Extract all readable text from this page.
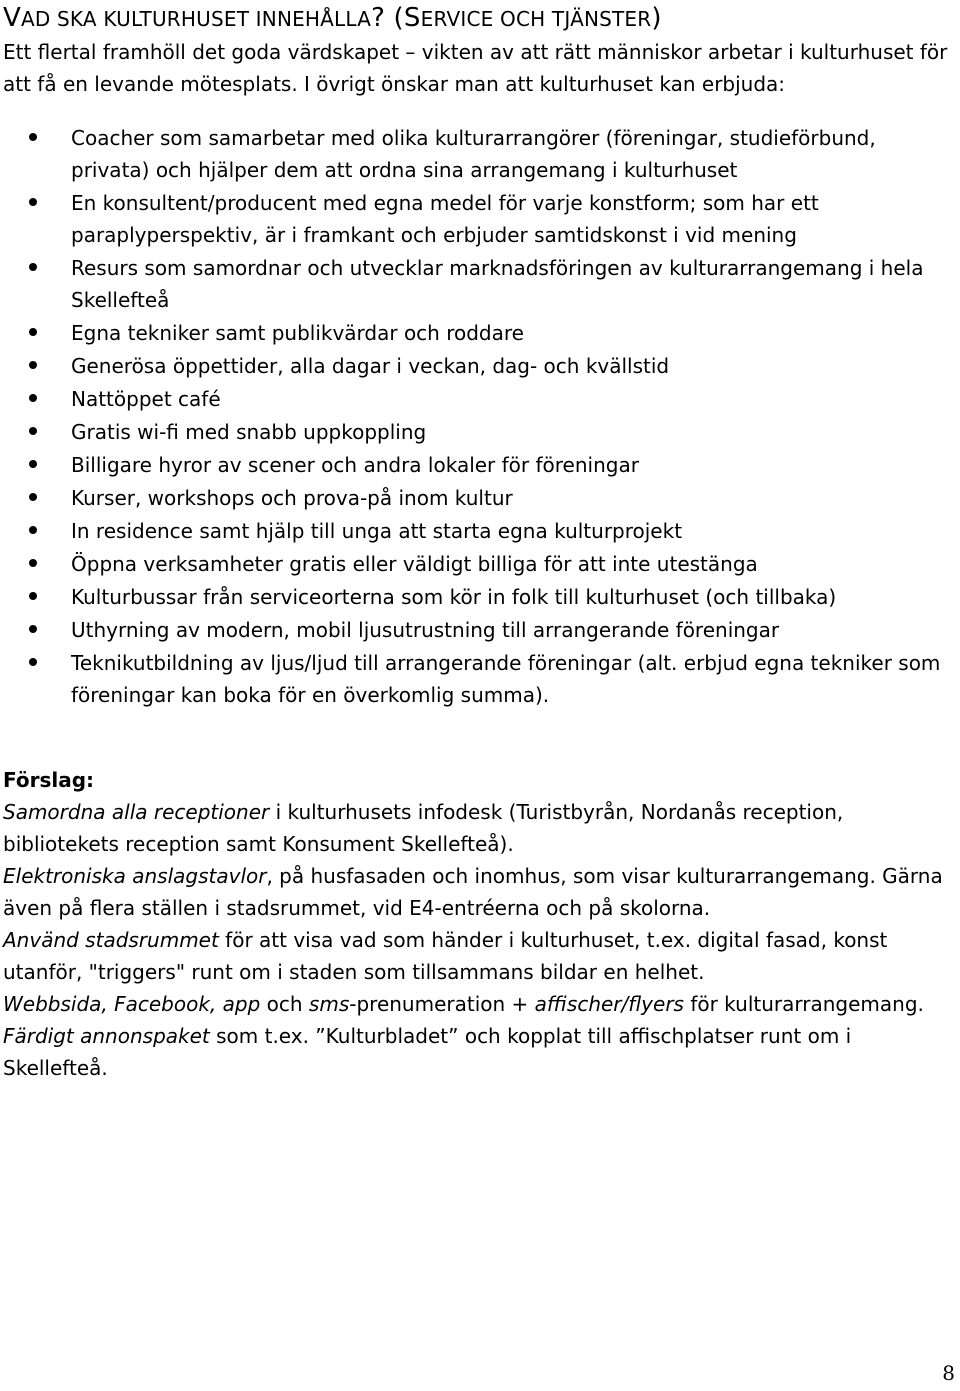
VAD SKA KULTURHUSET INNEHÅLLA? (SERVICE OCH TJÄNSTER)

Ett flertal framhöll det goda värdskapet – vikten av att rätt människor arbetar i kulturhuset för att få en levande mötesplats. I övrigt önskar man att kulturhuset kan erbjuda:

Coacher som samarbetar med olika kulturarrangörer (föreningar, studieförbund, privata) och hjälper dem att ordna sina arrangemang i kulturhuset
En konsultent/producent med egna medel för varje konstform; som har ett paraplyperspektiv, är i framkant och erbjuder samtidskonst i vid mening
Resurs som samordnar och utvecklar marknadsföringen av kulturarrangemang i hela Skellefteå
Egna tekniker samt publikvärdar och roddare
Generösa öppettider, alla dagar i veckan, dag- och kvällstid
Nattöppet café
Gratis wi-fi med snabb uppkoppling
Billigare hyror av scener och andra lokaler för föreningar
Kurser, workshops och prova-på inom kultur
In residence samt hjälp till unga att starta egna kulturprojekt
Öppna verksamheter gratis eller väldigt billiga för att inte utestänga
Kulturbussar från serviceorterna som kör in folk till kulturhuset (och tillbaka)
Uthyrning av modern, mobil ljusutrustning till arrangerande föreningar
Teknikutbildning av ljus/ljud till arrangerande föreningar (alt. erbjud egna tekniker som föreningar kan boka för en överkomlig summa).

Förslag:

Samordna alla receptioner i kulturhusets infodesk (Turistbyrån, Nordanås reception, bibliotekets reception samt Konsument Skellefteå).

Elektroniska anslagstavlor, på husfasaden och inomhus, som visar kulturarrangemang. Gärna även på flera ställen i stadsrummet, vid E4-entréerna och på skolorna.

Använd stadsrummet för att visa vad som händer i kulturhuset, t.ex. digital fasad, konst utanför, "triggers" runt om i staden som tillsammans bildar en helhet.

Webbsida, Facebook, app och sms-prenumeration + affischer/flyers för kulturarrangemang.

Färdigt annonspaket som t.ex. ”Kulturbladet” och kopplat till affischplatser runt om i Skellefteå.

8
